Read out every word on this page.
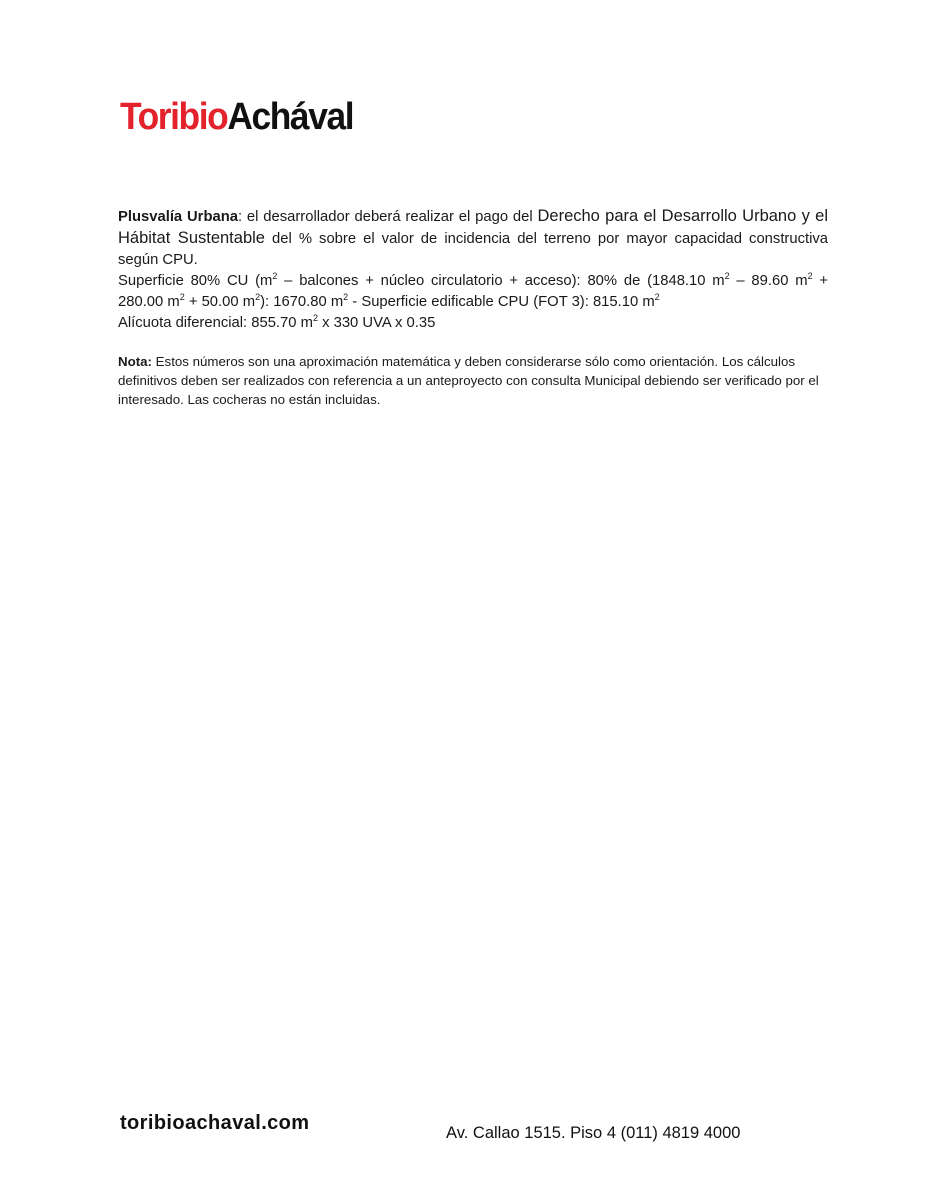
ToribioAchával

Plusvalía Urbana: el desarrollador deberá realizar el pago del Derecho para el Desarrollo Urbano y el Hábitat Sustentable del % sobre el valor de incidencia del terreno por mayor capacidad constructiva según CPU.

Superficie 80% CU ($m^2$ – balcones + núcleo circulatorio + acceso): 80% de (1848.10 $m^2 - 89.60$ $m^2 + 280.00$ $m^2 + 50.00$ $m^2$): 1670.80 $m^2$ - Superficie edificable CPU (FOT 3): 815.10 $m^2$

Alícuota diferencial: 855.70 $m^2$ x 330 UVA x 0.35

Nota: Estos números son una aproximación matemática y deben considerarse sólo como orientación. Los cálculos definitivos deben ser realizados con referencia a un anteproyecto con consulta Municipal debiendo ser verificado por el interesado. Las cocheras no están incluidas.

toribioachaval.com	Av. Callao 1515. Piso 4 (011) 4819 4000
